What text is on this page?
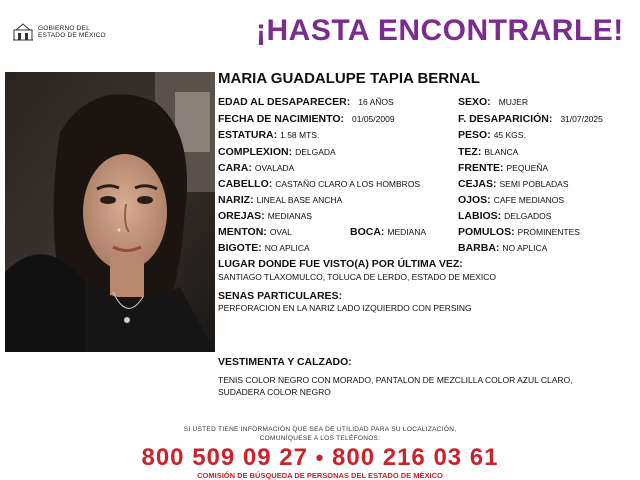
GOBIERNO DEL
ESTADO DE MÉXICO	¡HASTA ENCONTRARLE!
MARIA GUADALUPE TAPIA BERNAL
EDAD AL DESAPARECER: 16 AÑOS
FECHA DE NACIMIENTO: 01/05/2009
ESTATURA: 1.58 MTS.
COMPLEXION: DELGADA
CARA: OVALADA
CABELLO: CASTAÑO CLARO A LOS HOMBROS
NARIZ: LINEAL BASE ANCHA
OREJAS: MEDIANAS
MENTON: OVAL	BOCA: MEDIANA
BIGOTE: NO APLICA
SEXO: MUJER
F. DESAPARICIÓN: 31/07/2025
PESO: 45 KGS.
TEZ: BLANCA
FRENTE: PEQUEÑA
CEJAS: SEMI POBLADAS
OJOS: CAFE MEDIANOS
LABIOS: DELGADOS
POMULOS: PROMINENTES
BARBA: NO APLICA
LUGAR DONDE FUE VISTO(A) POR ÚLTIMA VEZ:
SANTIAGO TLAXOMULCO, TOLUCA DE LERDO, ESTADO DE MEXICO
SENAS PARTICULARES:
PERFORACION EN LA NARIZ LADO IZQUIERDO CON PERSING
VESTIMENTA Y CALZADO:
TENIS COLOR NEGRO CON MORADO, PANTALON DE MEZCLILLA COLOR AZUL CLARO,
SUDADERA COLOR NEGRO
SI USTED TIENE INFORMACIÓN QUE SEA DE UTILIDAD PARA SU LOCALIZACIÓN,
COMUNÍQUESE A LOS TELÉFONOS:
800 509 09 27 • 800 216 03 61
COMISIÓN DE BÚSQUEDA DE PERSONAS DEL ESTADO DE MÉXICO
